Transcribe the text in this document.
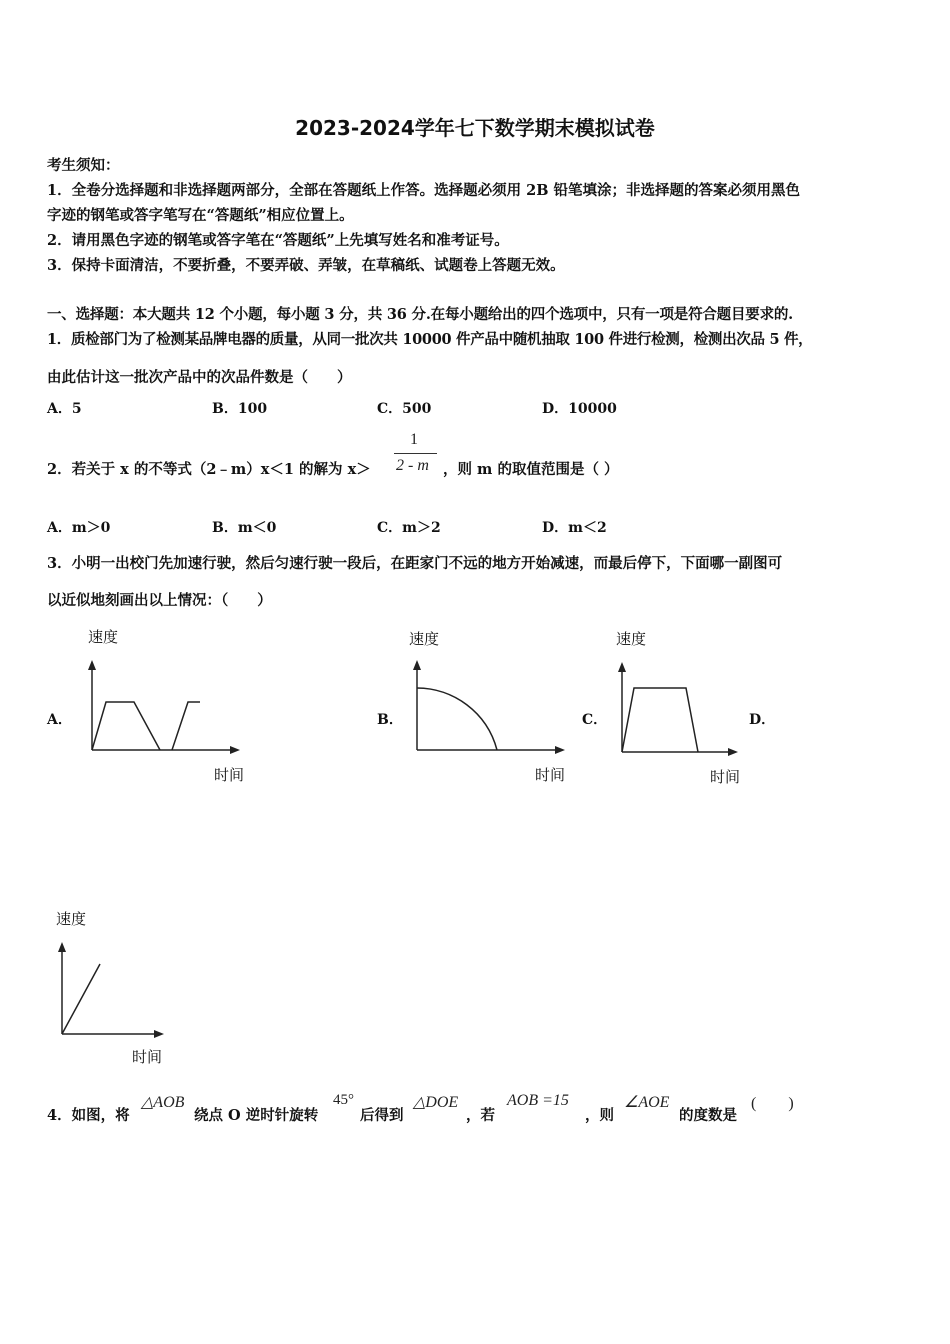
2023-2024学年七下数学期末模拟试卷
考生须知：
1．全卷分选择题和非选择题两部分，全部在答题纸上作答。选择题必须用 2B 铅笔填涂；非选择题的答案必须用黑色
字迹的钢笔或答字笔写在“答题纸”相应位置上。
2．请用黑色字迹的钢笔或答字笔在“答题纸”上先填写姓名和准考证号。
3．保持卡面清洁，不要折叠，不要弄破、弄皱，在草稿纸、试题卷上答题无效。
一、选择题：本大题共 12 个小题，每小题 3 分，共 36 分.在每小题给出的四个选项中，只有一项是符合题目要求的.
1．质检部门为了检测某品牌电器的质量，从同一批次共 10000 件产品中随机抽取 100 件进行检测，检测出次品 5 件，
由此估计这一批次产品中的次品件数是（　　）
A．5	B．100	C．500	D．10000
2．若关于 x 的不等式（2﹣m）x＜1 的解为 x＞
1
2 - m ，则 m 的取值范围是（ ）
A．m＞0	B．m＜0	C．m＞2	D．m＜2
3．小明一出校门先加速行驶，然后匀速行驶一段后，在距家门不远的地方开始减速，而最后停下，下面哪一副图可
以近似地刻画出以上情况：（　　）
A．	B．	C．	D．
速度
时间
速度
时间
速度
时间
速度
时间
4．如图，将
△AOB
绕点 O 逆时针旋转
45°
后得到
△DOE
，若
AOB =15
，则
∠AOE
的度数是
(　　)
